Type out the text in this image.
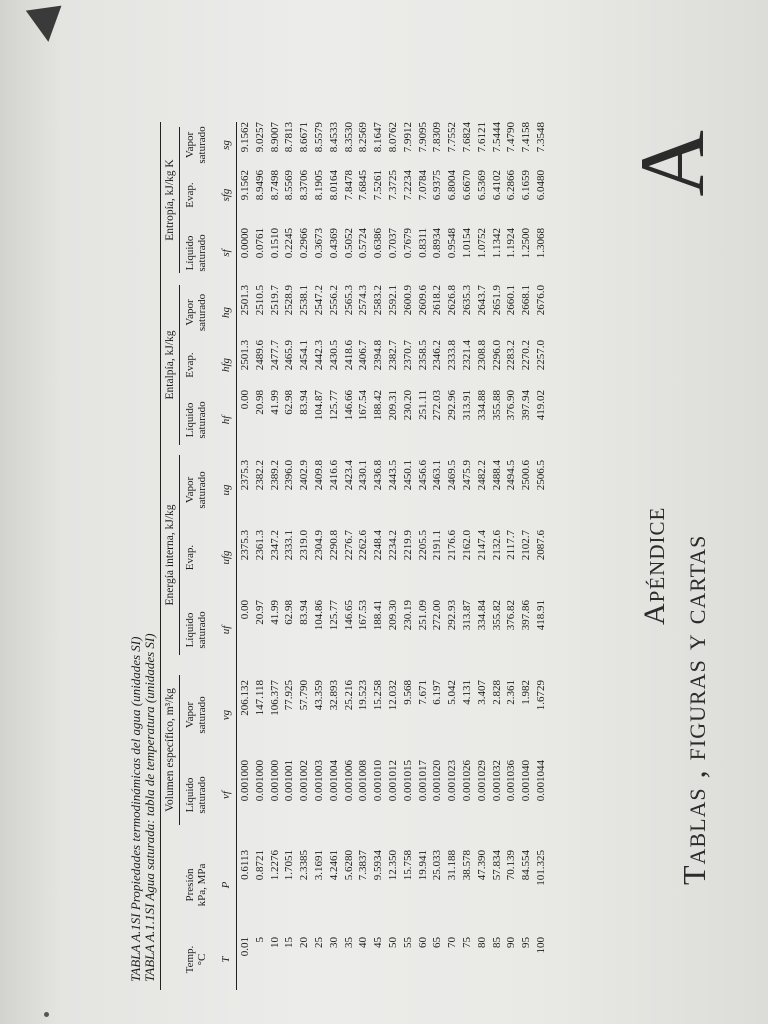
TABLA A.1SI Propiedades termodinámicas del agua (unidades SI) TABLA A.1.1SI Agua saturada: tabla de temperatura (unidades SI) Volumen específico, m³/kg
Energía interna, kJ/kg
Entalpía, kJ/kg
Entropía, kJ/kg K
Temp.
°C T
Presión
kPa, MPa
P
Líquido
saturado vf
Vapor
saturado vg
Líquido
saturado uf
Evap. ufg
Vapor
saturado ug
Líquido
saturado hf
Evap. hfg
Vapor
saturado hg
Líquido
saturado sf
Evap. sfg
Vapor
saturado sg
0.01
0.6113
0.001000
206.132
0.00
2375.3
2375.3
0.00
2501.3
2501.3
0.0000
9.1562
9.1562
5
0.8721
0.001000
147.118
20.97
2361.3
2382.2
20.98
2489.6
2510.5
0.0761
8.9496
9.0257
10
1.2276
0.001000
106.377
41.99
2347.2
2389.2
41.99
2477.7
2519.7
0.1510
8.7498
8.9007
15
1.7051
0.001001
77.925
62.98
2333.1
2396.0
62.98
2465.9
2528.9
0.2245
8.5569
8.7813
20
2.3385
0.001002
57.790
83.94
2319.0
2402.9
83.94
2454.1
2538.1
0.2966
8.3706
8.6671
25
3.1691
0.001003
43.359
104.86
2304.9
2409.8
104.87
2442.3
2547.2
0.3673
8.1905
8.5579
30
4.2461
0.001004
32.893
125.77
2290.8
2416.6
125.77
2430.5
2556.2
0.4369
8.0164
8.4533
35
5.6280
0.001006
25.216
146.65
2276.7
2423.4
146.66
2418.6
2565.3
0.5052
7.8478
8.3530
40
7.3837
0.001008
19.523
167.53
2262.6
2430.1
167.54
2406.7
2574.3
0.5724
7.6845
8.2569
45
9.5934
0.001010
15.258
188.41
2248.4
2436.8
188.42
2394.8
2583.2
0.6386
7.5261
8.1647
50
12.350
0.001012
12.032
209.30
2234.2
2443.5
209.31
2382.7
2592.1
0.7037
7.3725
8.0762
55
15.758
0.001015
9.568
230.19
2219.9
2450.1
230.20
2370.7
2600.9
0.7679
7.2234
7.9912
60
19.941
0.001017
7.671
251.09
2205.5
2456.6
251.11
2358.5
2609.6
0.8311
7.0784
7.9095
65
25.033
0.001020
6.197
272.00
2191.1
2463.1
272.03
2346.2
2618.2
0.8934
6.9375
7.8309
70
31.188
0.001023
5.042
292.93
2176.6
2469.5
292.96
2333.8
2626.8
0.9548
6.8004
7.7552
75
38.578
0.001026
4.131
313.87
2162.0
2475.9
313.91
2321.4
2635.3
1.0154
6.6670
7.6824
80
47.390
0.001029
3.407
334.84
2147.4
2482.2
334.88
2308.8
2643.7
1.0752
6.5369
7.6121
85
57.834
0.001032
2.828
355.82
2132.6
2488.4
355.88
2296.0
2651.9
1.1342
6.4102
7.5444
90
70.139
0.001036
2.361
376.82
2117.7
2494.5
376.90
2283.2
2660.1
1.1924
6.2866
7.4790
95
84.554
0.001040
1.982
397.86
2102.7
2500.6
397.94
2270.2
2668.1
1.2500
6.1659
7.4158
100
101.325
0.001044
1.6729
418.91
2087.6
2506.5
419.02
2257.0
2676.0
1.3068
6.0480
7.3548 A
Apéndice Tablas , figuras y cartas
